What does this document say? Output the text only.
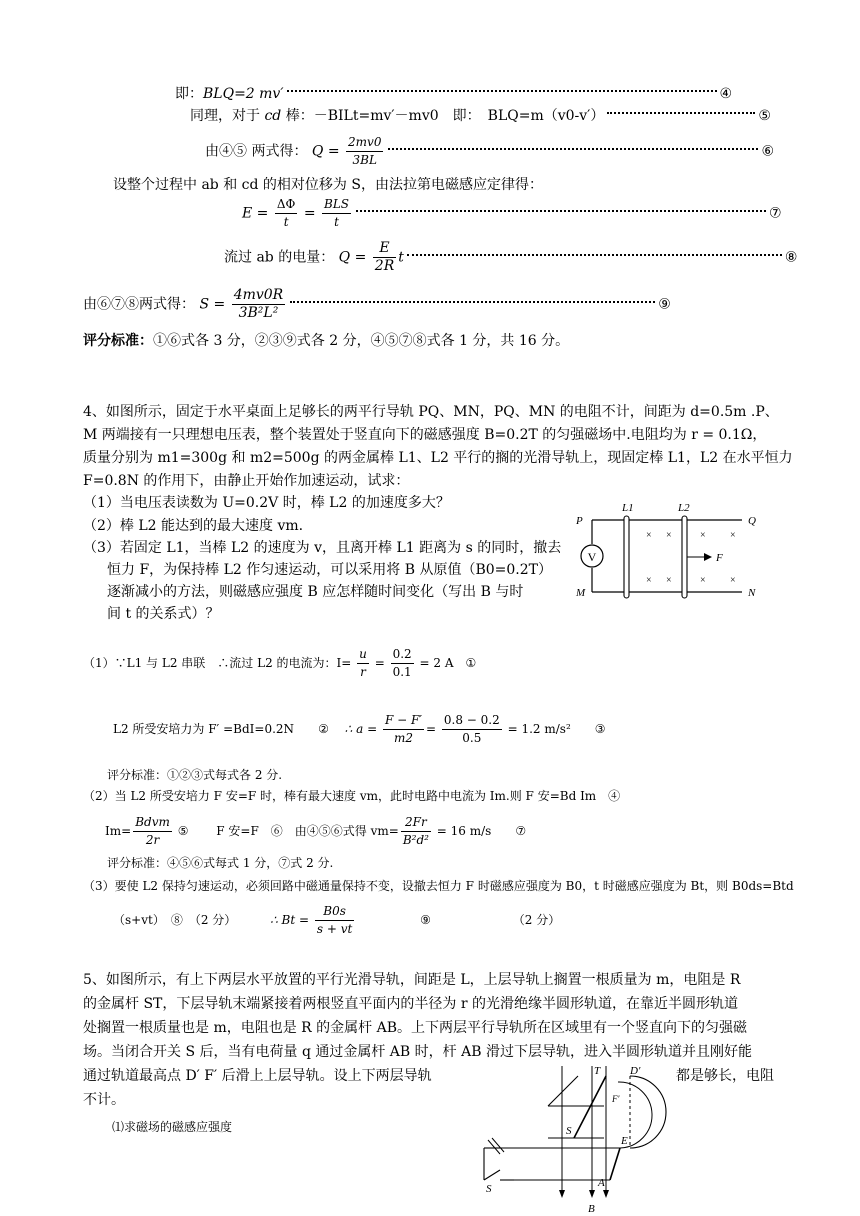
即：BLQ=2 mv′	④
同理，对于 cd 棒：－BILt=mv′－mv0　即：　 BLQ=m（v0-v′）	⑤
由④⑤ 两式得： $Q = \frac{2mv0}{3BL}$	⑥
设整个过程中 ab 和 cd 的相对位移为 S，由法拉第电磁感应定律得：
$E = \frac{\Delta\Phi}{t} = \frac{\text{BLS}}{t}$	⑦
流过 ab 的电量： $Q = \frac{E}{2R}$ t	⑧
由⑥⑦⑧两式得： $S = \frac{4mv0R}{\text{3B²L²}}$	⑨
评分标准：①⑥式各 3 分，②③⑨式各 2 分，④⑤⑦⑧式各 1 分，共 16 分。
4、如图所示，固定于水平桌面上足够长的两平行导轨 PQ、MN，PQ、MN 的电阻不计，间距为 d=0.5m .P、
M 两端接有一只理想电压表，整个装置处于竖直向下的磁感强度 B=0.2T 的匀强磁场中.电阻均为 r = 0.1Ω，
质量分别为 m1=300g 和 m2=500g 的两金属棒 L1、L2 平行的搁的光滑导轨上，现固定棒 L1，L2 在水平恒力
F=0.8N 的作用下，由静止开始作加速运动，试求：
（1）当电压表读数为 U=0.2V 时，棒 L2 的加速度多大？
（2）棒 L2 能达到的最大速度 vm.
（3）若固定 L1，当棒 L2 的速度为 v，且离开棒 L1 距离为 s 的同时，撤去
恒力 F，为保持棒 L2 作匀速运动，可以采用将 B 从原值（B0=0.2T）
逐渐减小的方法，则磁感应强度 B 应怎样随时间变化（写出 B 与时
间 t 的关系式）？
V	F
P	Q
M	N
L1	L2
×
×
× ×
× ×
×
×
（1）∵L1 与 L2 串联　∴流过 L2 的电流为：$I= \frac{u}{r} = \frac{0.2}{0.1} = 2$ A　 ①
L2 所受安培力为 F′ =BdI=0.2N　　 ②　 ∴ $a = \frac{F - F'}{m2} = \frac{0.8 - 0.2}{0.5} = 1.2$ m/s²　　 ③
评分标准：①②③式每式各 2 分.
（2）当 L2 所受安培力 F 安=F 时，棒有最大速度 vm，此时电路中电流为 Im.则 F 安=Bd Im　④
$Im= \frac{\text{Bdvm}}{2r}$ ⑤　　 F 安=F　⑥　由④⑤⑥式得 $vm= \frac{2Fr}{\text{B²d²}} = 16$ m/s　　 ⑦
评分标准：④⑤⑥式每式 1 分，⑦式 2 分.
（3）要使 L2 保持匀速运动，必须回路中磁通量保持不变，设撤去恒力 F 时磁感应强度为 B0，t 时磁感应强度为 Bt，则 B0ds=Btd
（s+vt）　⑧　（2 分）　　　	∴ $Bt = \frac{B0s}{s + vt}$
　　　　　	⑨ 　　　　　　　	（2 分）
5、如图所示，有上下两层水平放置的平行光滑导轨，间距是 L，上层导轨上搁置一根质量为 m，电阻是 R
的金属杆 ST，下层导轨末端紧接着两根竖直平面内的半径为 r 的光滑绝缘半圆形轨道，在靠近半圆形轨道
处搁置一根质量也是 m，电阻也是 R 的金属杆 AB。上下两层平行导轨所在区域里有一个竖直向下的匀强磁
场。当闭合开关 S 后，当有电荷量 q 通过金属杆 AB 时，杆 AB 滑过下层导轨，进入半圆形轨道并且刚好能
通过轨道最高点 D′ F′ 后滑上上层导轨。设上下两层导轨	都是够长，电阻
不计。
⑴求磁场的磁感应强度
T	D′
F′
S
E
A
B
S
